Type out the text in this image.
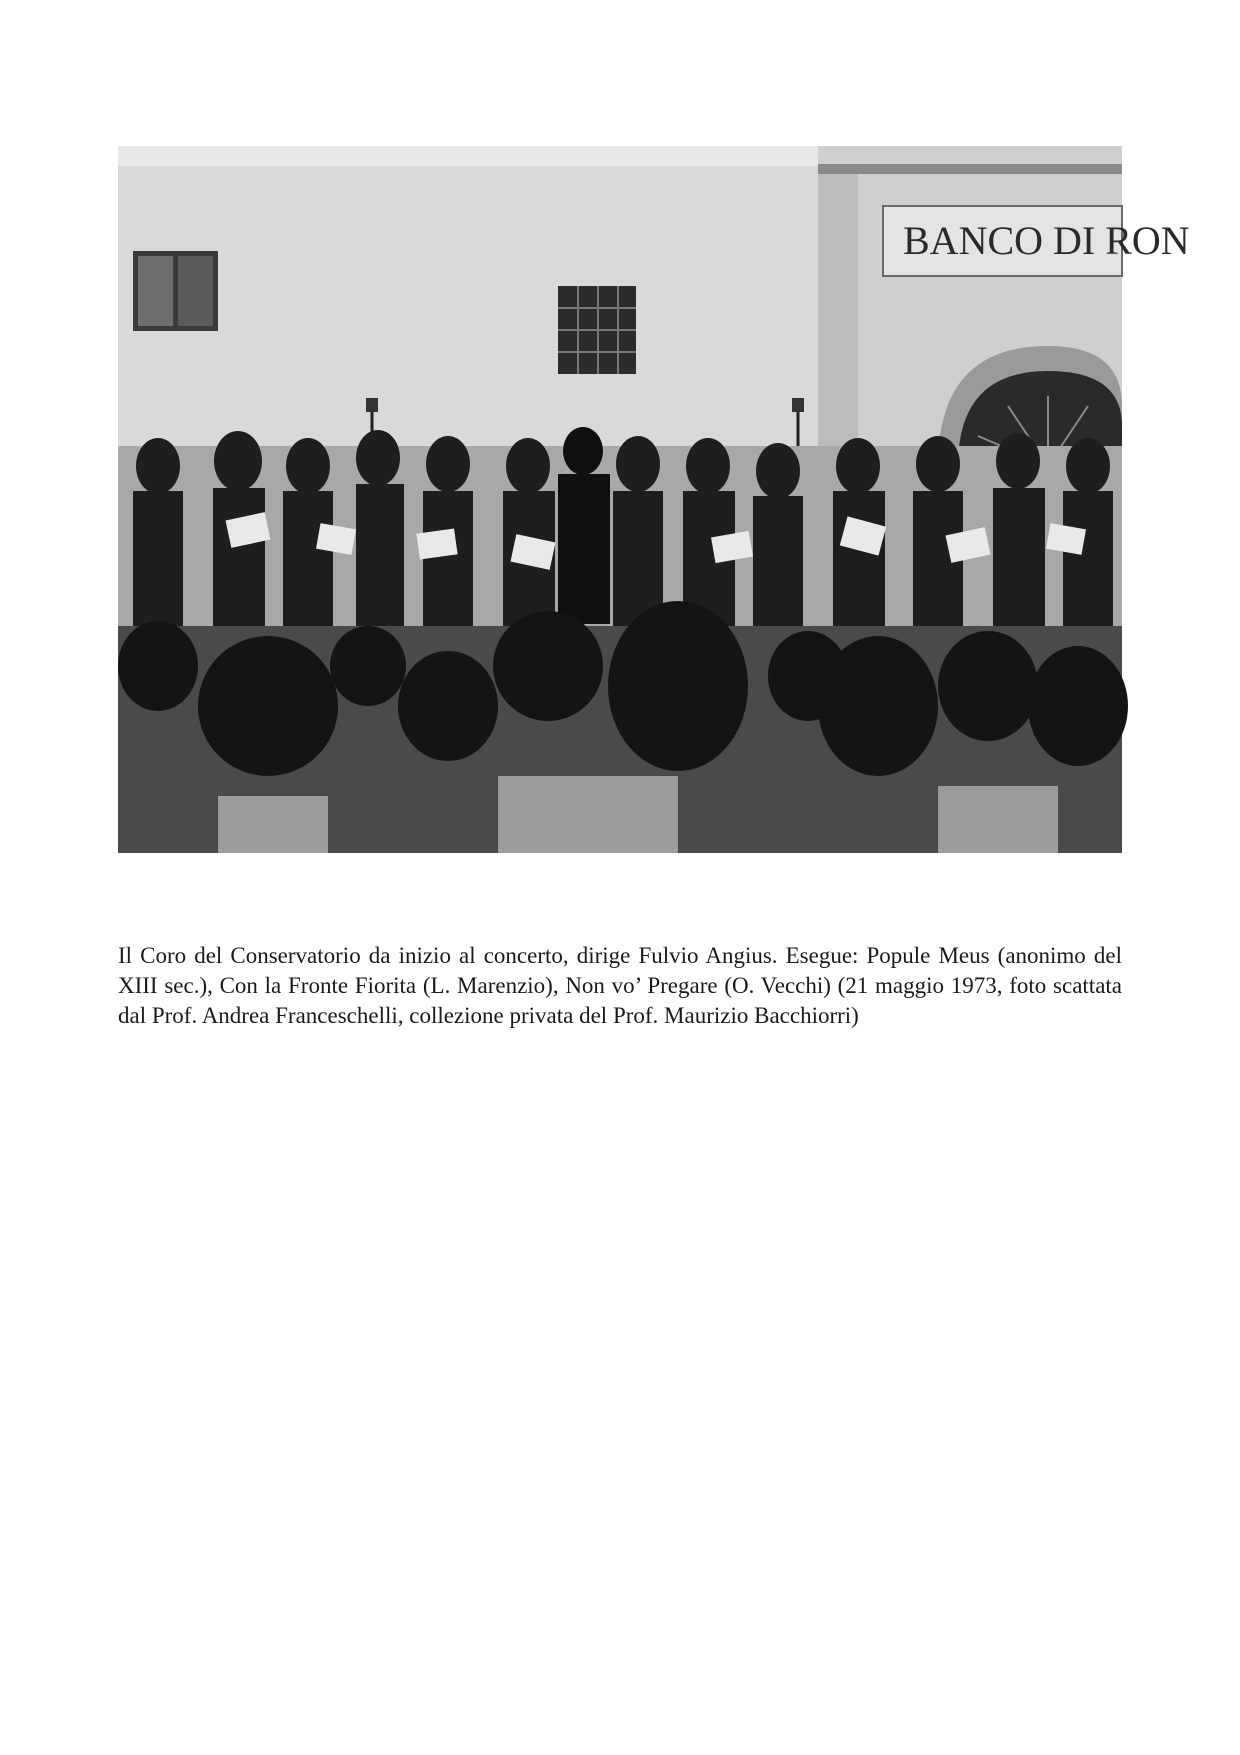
BANCO DI RON

Il Coro del Conservatorio da inizio al concerto, dirige Fulvio Angius. Esegue: Popule Meus (anonimo del XIII sec.), Con la Fronte Fiorita (L. Marenzio), Non vo’ Pregare (O. Vecchi) (21 maggio 1973, foto scattata dal Prof. Andrea Franceschelli, collezione privata del Prof. Maurizio Bacchiorri)
